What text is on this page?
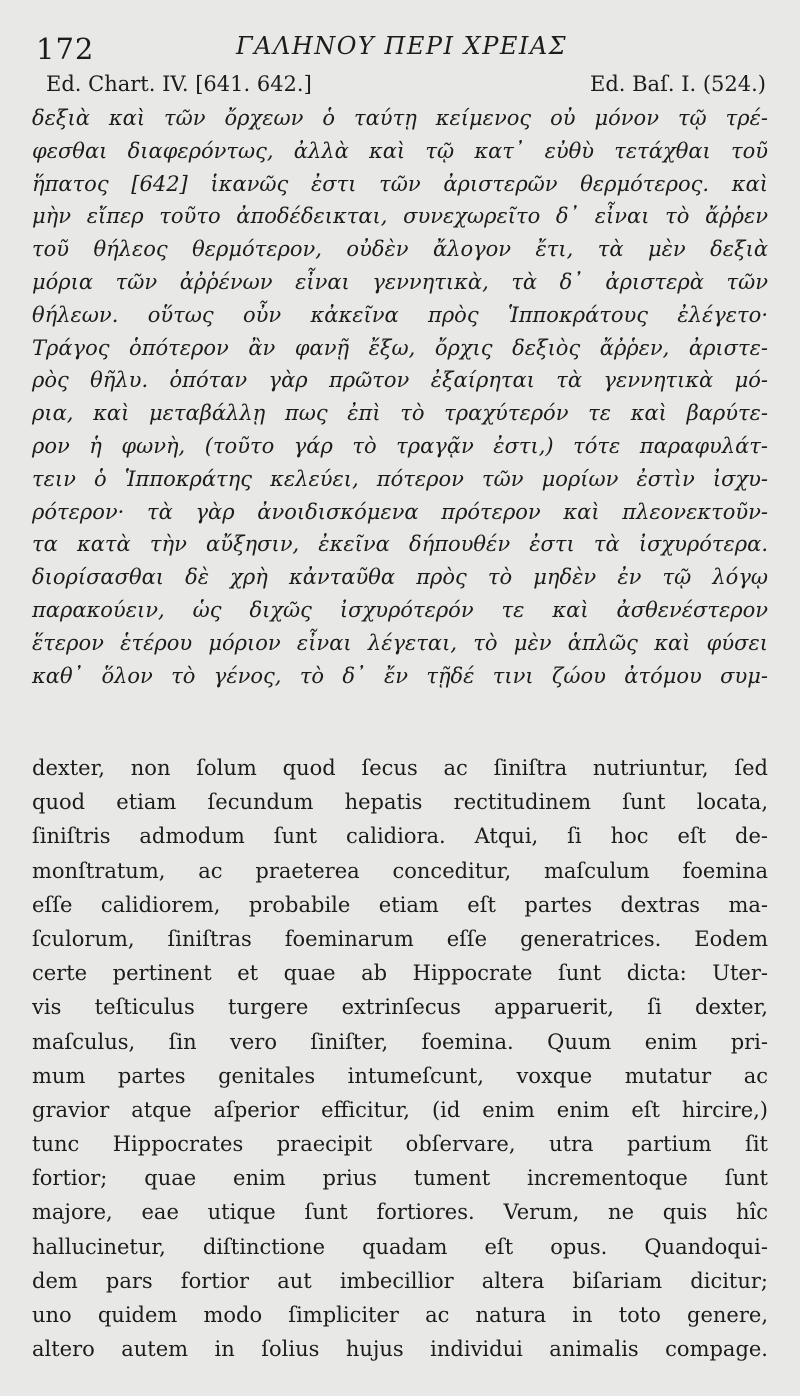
172	ΓΑΛΗΝΟΥ ΠΕΡΙ ΧΡΕΙΑΣ
Ed. Chart. IV. [641. 642.]	Ed. Baſ. I. (524.)
δεξιὰ καὶ τῶν ὄρχεων ὁ ταύτῃ κείμενος οὐ μόνον τῷ τρέ-
φεσθαι διαφερόντως, ἀλλὰ καὶ τῷ κατ᾽ εὐθὺ τετάχθαι τοῦ
ἥπατος [642] ἱκανῶς ἐστι τῶν ἀριστερῶν θερμότερος. καὶ
μὴν εἴπερ τοῦτο ἀποδέδεικται, συνεχωρεῖτο δ᾽ εἶναι τὸ ἄῤῥεν
τοῦ θήλεος θερμότερον, οὐδὲν ἄλογον ἔτι, τὰ μὲν δεξιὰ
μόρια τῶν ἀῤῥένων εἶναι γεννητικὰ, τὰ δ᾽ ἀριστερὰ τῶν
θήλεων. οὕτως οὖν κἀκεῖνα πρὸς Ἱπποκράτους ἐλέγετο·
Τράγος ὁπότερον ἂν φανῇ ἔξω, ὄρχις δεξιὸς ἄῤῥεν, ἀριστε-
ρὸς θῆλυ. ὁπόταν γὰρ πρῶτον ἐξαίρηται τὰ γεννητικὰ μό-
ρια, καὶ μεταβάλλῃ πως ἐπὶ τὸ τραχύτερόν τε καὶ βαρύτε-
ρον ἡ φωνὴ, (τοῦτο γάρ τὸ τραγᾷν ἐστι,) τότε παραφυλάτ-
τειν ὁ Ἱπποκράτης κελεύει, πότερον τῶν μορίων ἐστὶν ἰσχυ-
ρότερον· τὰ γὰρ ἀνοιδισκόμενα πρότερον καὶ πλεονεκτοῦν-
τα κατὰ τὴν αὔξησιν, ἐκεῖνα δήπουθέν ἐστι τὰ ἰσχυρότερα.
διορίσασθαι δὲ χρὴ κἀνταῦθα πρὸς τὸ μηδὲν ἐν τῷ λόγῳ
παρακούειν, ὡς διχῶς ἰσχυρότερόν τε καὶ ἀσθενέστερον
ἕτερον ἑτέρου μόριον εἶναι λέγεται, τὸ μὲν ἁπλῶς καὶ φύσει
καθ᾽ ὅλον τὸ γένος, τὸ δ᾽ ἔν τῇδέ τινι ζώου ἀτόμου συμ-
dexter, non ſolum quod ſecus ac ſiniſtra nutriuntur, ſed
quod etiam ſecundum hepatis rectitudinem ſunt locata,
ſiniſtris admodum ſunt calidiora. Atqui, ſi hoc eſt de-
monſtratum, ac praeterea conceditur, maſculum foemina
eſſe calidiorem, probabile etiam eſt partes dextras ma-
ſculorum, ſiniſtras foeminarum eſſe generatrices. Eodem
certe pertinent et quae ab Hippocrate ſunt dicta: Uter-
vis teſticulus turgere extrinſecus apparuerit, ſi dexter,
maſculus, ſin vero ſiniſter, foemina. Quum enim pri-
mum partes genitales intumeſcunt, voxque mutatur ac
gravior atque aſperior efficitur, (id enim enim eſt hircire,)
tunc Hippocrates praecipit obſervare, utra partium ſit
fortior; quae enim prius tument incrementoque ſunt
majore, eae utique ſunt fortiores. Verum, ne quis hîc
hallucinetur, diſtinctione quadam eſt opus. Quandoqui-
dem pars fortior aut imbecillior altera biſariam dicitur;
uno quidem modo ſimpliciter ac natura in toto genere,
altero autem in ſolius hujus individui animalis compage.
